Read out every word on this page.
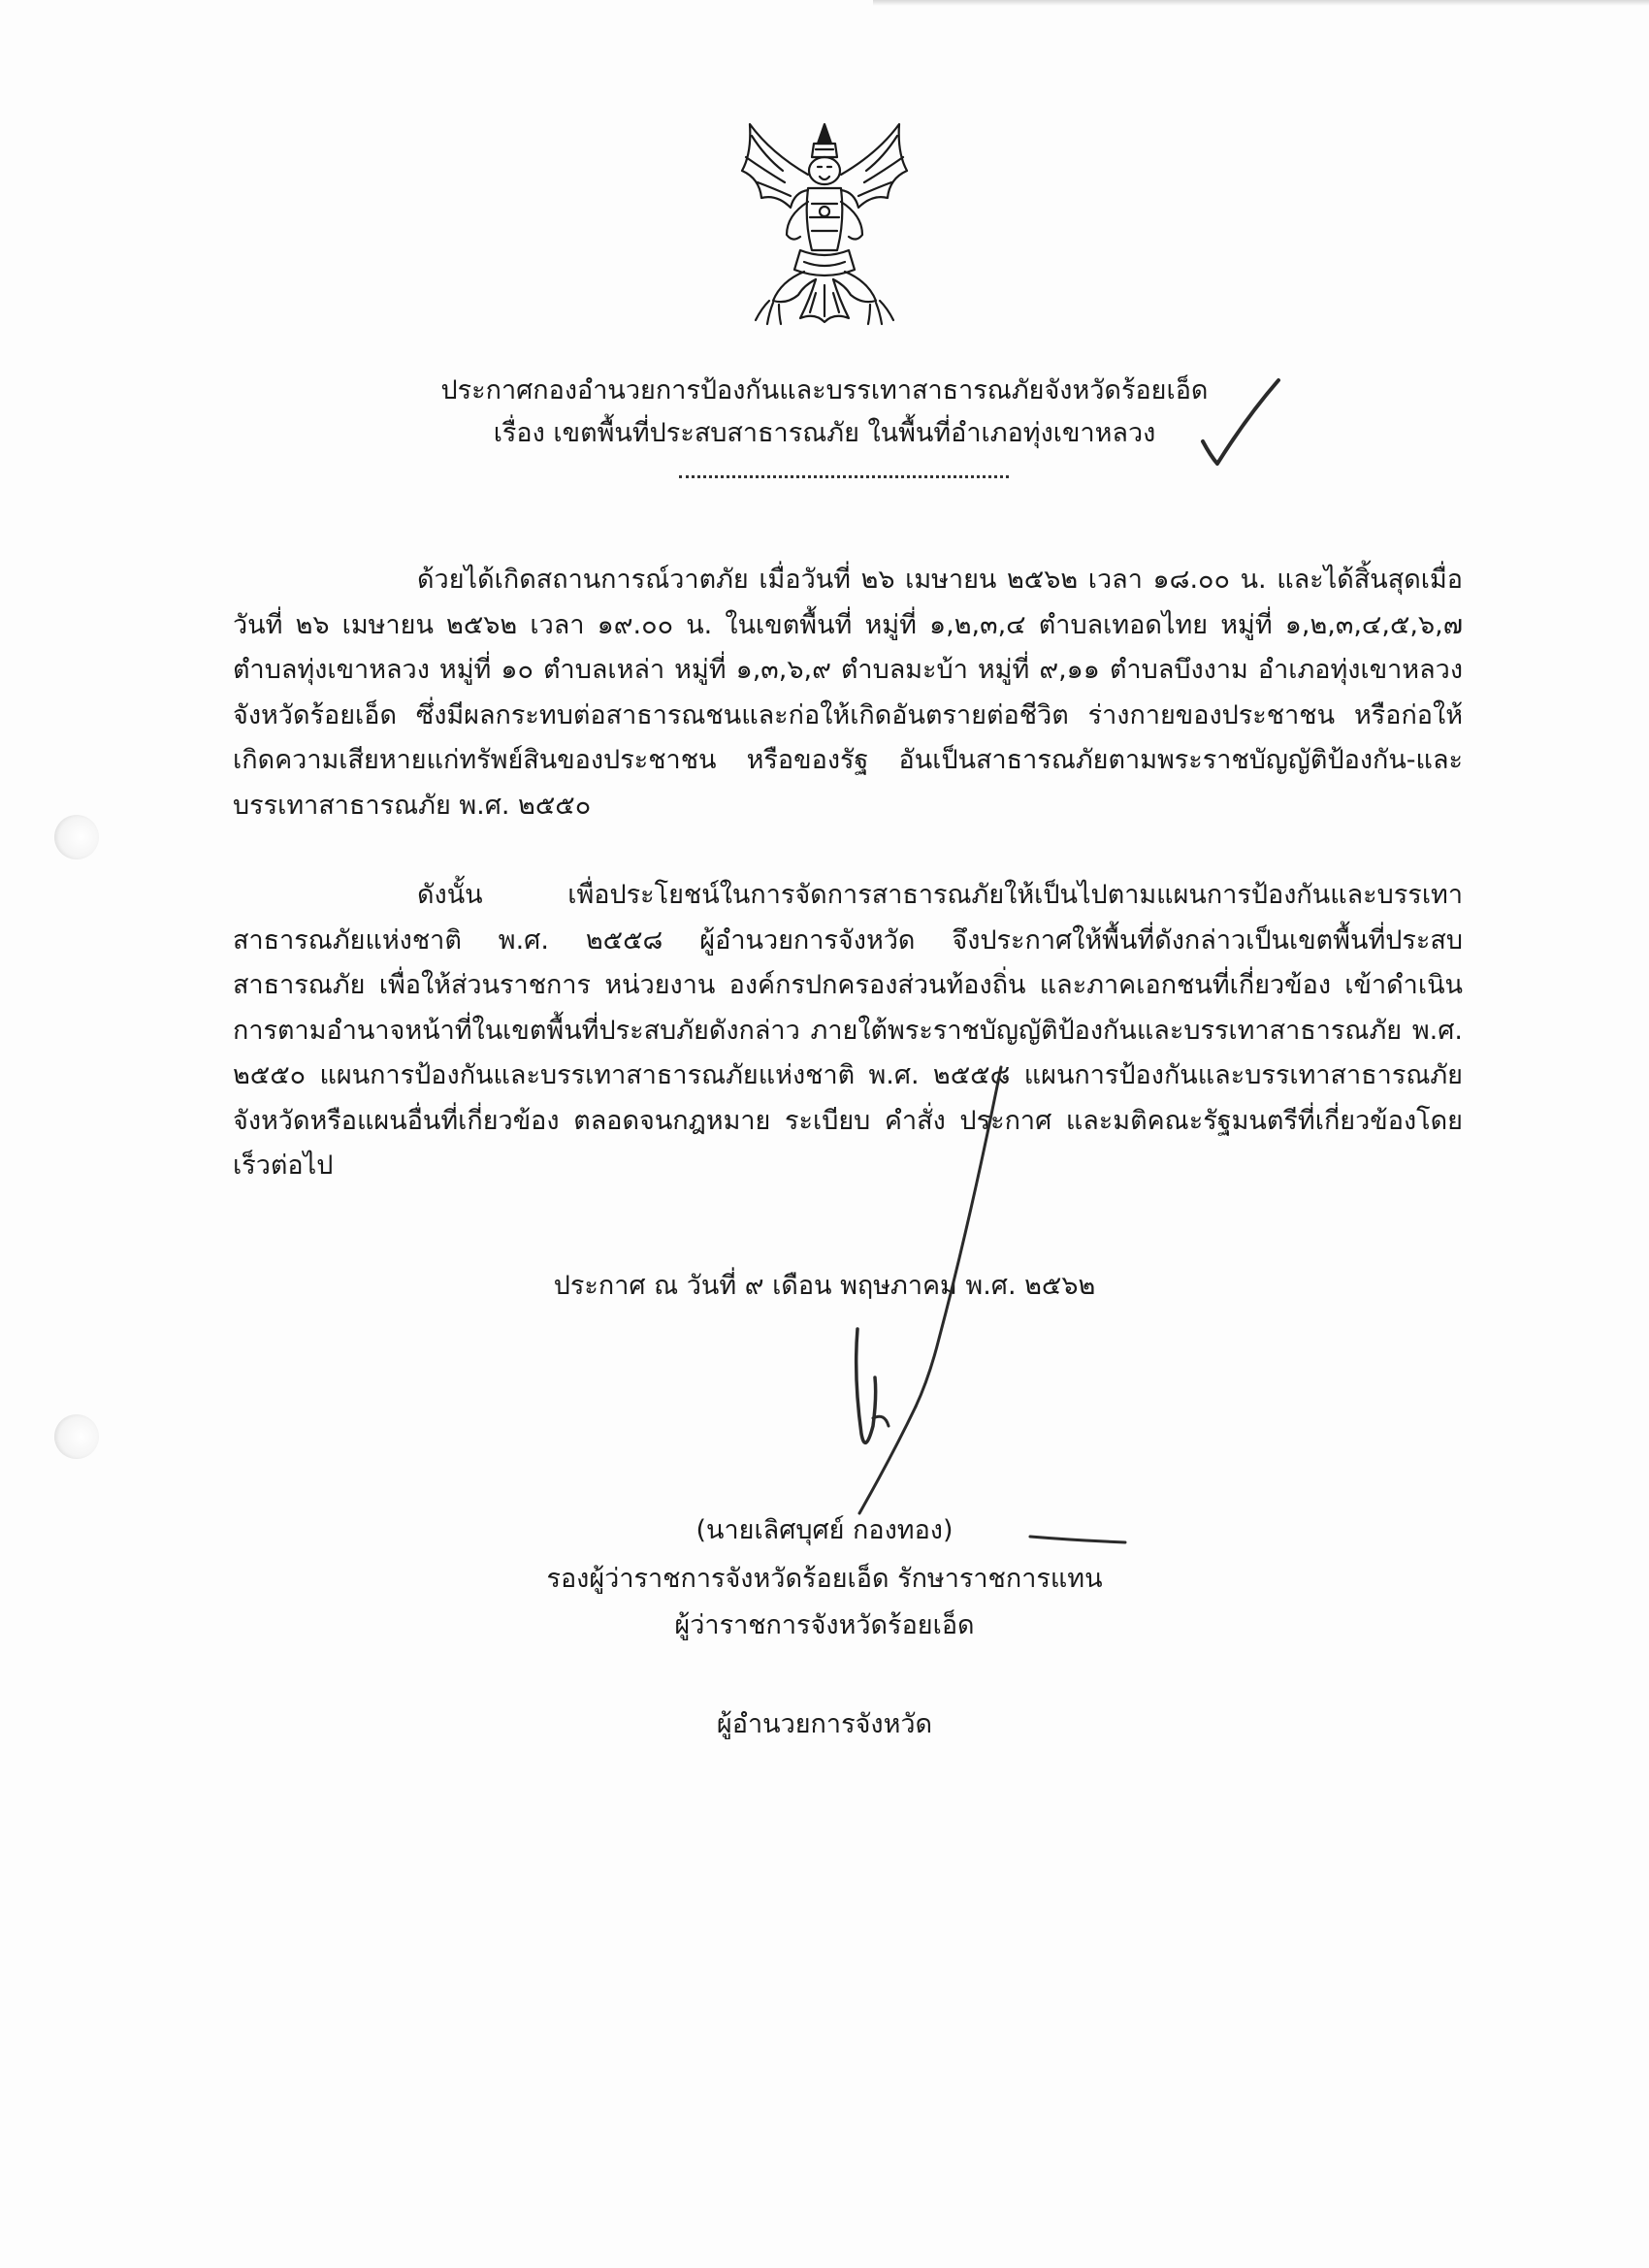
ประกาศกองอำนวยการป้องกันและบรรเทาสาธารณภัยจังหวัดร้อยเอ็ด
เรื่อง เขตพื้นที่ประสบสาธารณภัย ในพื้นที่อำเภอทุ่งเขาหลวง

ด้วยได้เกิดสถานการณ์วาตภัย เมื่อวันที่ ๒๖ เมษายน ๒๕๖๒ เวลา ๑๘.๐๐ น. และได้สิ้นสุดเมื่อวันที่ ๒๖ เมษายน ๒๕๖๒ เวลา ๑๙.๐๐ น. ในเขตพื้นที่ หมู่ที่ ๑,๒,๓,๔ ตำบลเทอดไทย หมู่ที่ ๑,๒,๓,๔,๕,๖,๗ ตำบลทุ่งเขาหลวง หมู่ที่ ๑๐ ตำบลเหล่า หมู่ที่ ๑,๓,๖,๙ ตำบลมะบ้า หมู่ที่ ๙,๑๑ ตำบลบึงงาม อำเภอทุ่งเขาหลวง จังหวัดร้อยเอ็ด ซึ่งมีผลกระทบต่อสาธารณชนและก่อให้เกิดอันตรายต่อชีวิต ร่างกายของประชาชน หรือก่อให้เกิดความเสียหายแก่ทรัพย์สินของประชาชน หรือของรัฐ อันเป็นสาธารณภัยตามพระราชบัญญัติป้องกัน-และบรรเทาสาธารณภัย พ.ศ. ๒๕๕๐

ดังนั้น เพื่อประโยชน์ในการจัดการสาธารณภัยให้เป็นไปตามแผนการป้องกันและบรรเทาสาธารณภัยแห่งชาติ พ.ศ. ๒๕๕๘ ผู้อำนวยการจังหวัด จึงประกาศให้พื้นที่ดังกล่าวเป็นเขตพื้นที่ประสบสาธารณภัย เพื่อให้ส่วนราชการ หน่วยงาน องค์กรปกครองส่วนท้องถิ่น และภาคเอกชนที่เกี่ยวข้อง เข้าดำเนินการตามอำนาจหน้าที่ในเขตพื้นที่ประสบภัยดังกล่าว ภายใต้พระราชบัญญัติป้องกันและบรรเทาสาธารณภัย พ.ศ. ๒๕๕๐ แผนการป้องกันและบรรเทาสาธารณภัยแห่งชาติ พ.ศ. ๒๕๕๘ แผนการป้องกันและบรรเทาสาธารณภัยจังหวัดหรือแผนอื่นที่เกี่ยวข้อง ตลอดจนกฎหมาย ระเบียบ คำสั่ง ประกาศ และมติคณะรัฐมนตรีที่เกี่ยวข้องโดยเร็วต่อไป

ประกาศ ณ วันที่ ๙ เดือน พฤษภาคม พ.ศ. ๒๕๖๒
(นายเลิศบุศย์ กองทอง)
รองผู้ว่าราชการจังหวัดร้อยเอ็ด รักษาราชการแทน
ผู้ว่าราชการจังหวัดร้อยเอ็ด
ผู้อำนวยการจังหวัด
